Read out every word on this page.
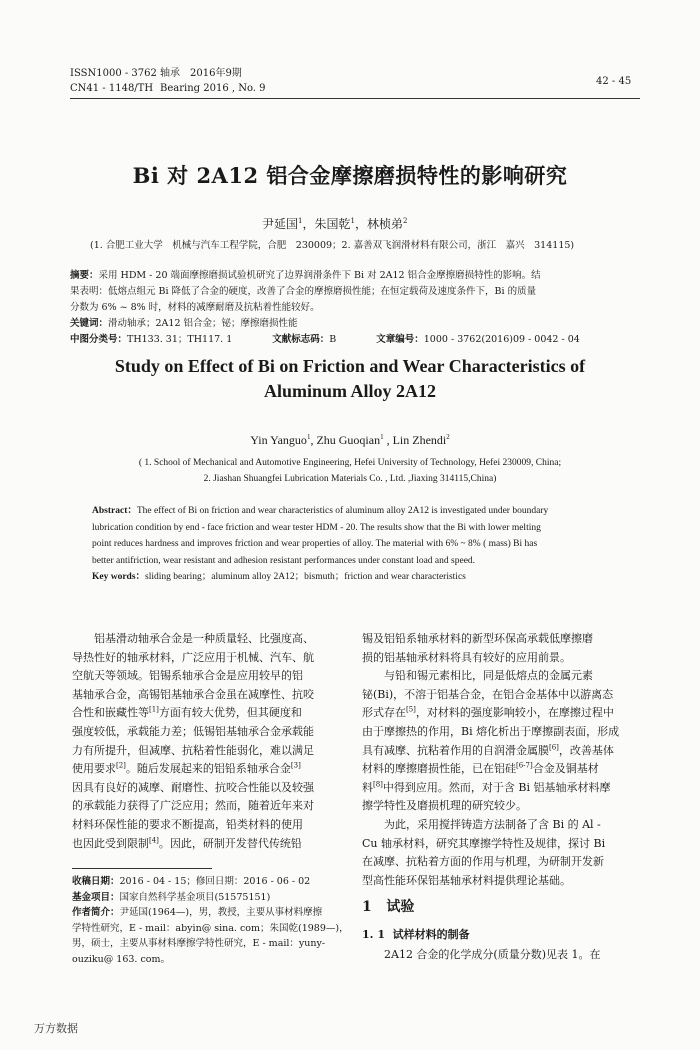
ISSN1000 - 3762
CN41 - 1148/TH
轴承 2016年9期
Bearing 2016 , No. 9
42 - 45
Bi 对 2A12 铝合金摩擦磨损特性的影响研究
尹延国$^1$，朱国乾$^1$，林桢弟$^2$
(1. 合肥工业大学　机械与汽车工程学院，合肥　230009；2. 嘉善双飞润滑材料有限公司，浙江　嘉兴　314115)
摘要：采用 HDM - 20 端面摩擦磨损试验机研究了边界润滑条件下 Bi 对 2A12 铝合金摩擦磨损特性的影响。结
果表明：低熔点组元 Bi 降低了合金的硬度，改善了合金的摩擦磨损性能；在恒定载荷及速度条件下，Bi 的质量
分数为 6% ~ 8% 时，材料的减摩耐磨及抗粘着性能较好。
关键词：滑动轴承；2A12 铝合金；铋；摩擦磨损性能
中图分类号：TH133. 31；TH117. 1	文献标志码：B	文章编号：1000 - 3762(2016)09 - 0042 - 04
Study on Effect of Bi on Friction and Wear Characteristics of
Aluminum Alloy 2A12
Yin Yanguo$^1$, Zhu Guoqian$^1$ , Lin Zhendi$^2$
( 1. School of Mechanical and Automotive Engineering, Hefei University of Technology, Hefei 230009, China;
2. Jiashan Shuangfei Lubrication Materials Co. , Ltd. ,Jiaxing 314115,China)
Abstract：The effect of Bi on friction and wear characteristics of aluminum alloy 2A12 is investigated under boundary
lubrication condition by end - face friction and wear tester HDM - 20. The results show that the Bi with lower melting
point reduces hardness and improves friction and wear properties of alloy. The material with 6% ~ 8% ( mass) Bi has
better antifriction, wear resistant and adhesion resistant performances under constant load and speed.
Key words：sliding bearing；aluminum alloy 2A12；bismuth；friction and wear characteristics
铝基滑动轴承合金是一种质量轻、比强度高、
导热性好的轴承材料，广泛应用于机械、汽车、航
空航天等领域。铝锡系轴承合金是应用较早的铝
基轴承合金，高锡铝基轴承合金虽在减摩性、抗咬
合性和嵌藏性等[1]方面有较大优势，但其硬度和
强度较低，承载能力差；低锡铝基轴承合金承载能
力有所提升，但减摩、抗粘着性能弱化，难以满足
使用要求[2]。随后发展起来的铝铅系轴承合金[3]
因具有良好的减摩、耐磨性、抗咬合性能以及较强
的承载能力获得了广泛应用；然而，随着近年来对
材料环保性能的要求不断提高，铅类材料的使用
也因此受到限制[4]。因此，研制开发替代传统铅
收稿日期：2016 - 04 - 15；修回日期：2016 - 06 - 02
基金项目：国家自然科学基金项目(51575151)
作者简介：尹延国(1964—)，男，教授，主要从事材料摩擦
学特性研究，E - mail：abyin@ sina. com；朱国乾(1989—)，
男，硕士，主要从事材料摩擦学特性研究，E - mail：yuny-
ouziku@ 163. com。
锡及铝铅系轴承材料的新型环保高承载低摩擦磨
损的铝基轴承材料将具有较好的应用前景。
与铅和锡元素相比，同是低熔点的金属元素
铋(Bi)，不溶于铝基合金，在铝合金基体中以游离态
形式存在[5]，对材料的强度影响较小，在摩擦过程中
由于摩擦热的作用，Bi 熔化析出于摩擦副表面，形成
具有减摩、抗粘着作用的自润滑金属膜[6]，改善基体
材料的摩擦磨损性能，已在铝硅[6-7]合金及铜基材
料[8]中得到应用。然而，对于含 Bi 铝基轴承材料摩
擦学特性及磨损机理的研究较少。
为此，采用搅拌铸造方法制备了含 Bi 的 Al -
Cu 轴承材料，研究其摩擦学特性及规律，探讨 Bi
在减摩、抗粘着方面的作用与机理，为研制开发新
型高性能环保铝基轴承材料提供理论基础。
1 试验
1. 1 试样材料的制备
2A12 合金的化学成分(质量分数)见表 1。在
万方数据
